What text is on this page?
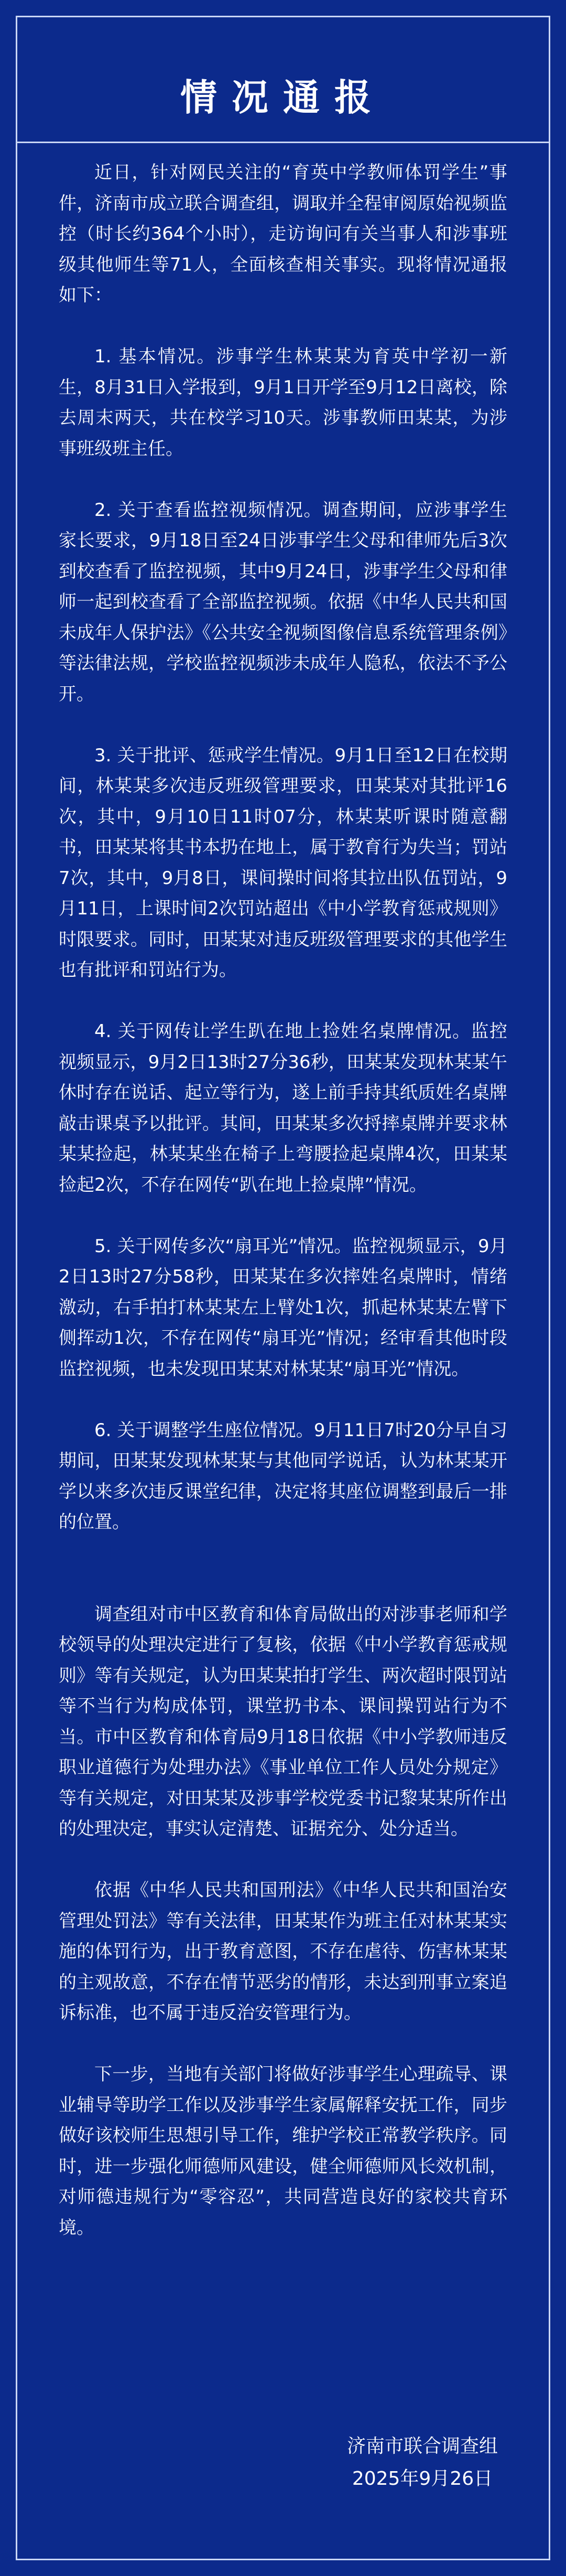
情况通报

近日，针对网民关注的“育英中学教师体罚学生”事件，济南市成立联合调查组，调取并全程审阅原始视频监控（时长约364个小时），走访询问有关当事人和涉事班级其他师生等71人，全面核查相关事实。现将情况通报如下：

1. 基本情况。涉事学生林某某为育英中学初一新生，8月31日入学报到，9月1日开学至9月12日离校，除去周末两天，共在校学习10天。涉事教师田某某，为涉事班级班主任。

2. 关于查看监控视频情况。调查期间，应涉事学生家长要求，9月18日至24日涉事学生父母和律师先后3次到校查看了监控视频，其中9月24日，涉事学生父母和律师一起到校查看了全部监控视频。依据《中华人民共和国未成年人保护法》《公共安全视频图像信息系统管理条例》等法律法规，学校监控视频涉未成年人隐私，依法不予公开。

3. 关于批评、惩戒学生情况。9月1日至12日在校期间，林某某多次违反班级管理要求，田某某对其批评16次，其中，9月10日11时07分，林某某听课时随意翻书，田某某将其书本扔在地上，属于教育行为失当；罚站7次，其中，9月8日，课间操时间将其拉出队伍罚站，9月11日，上课时间2次罚站超出《中小学教育惩戒规则》时限要求。同时，田某某对违反班级管理要求的其他学生也有批评和罚站行为。

4. 关于网传让学生趴在地上捡姓名桌牌情况。监控视频显示，9月2日13时27分36秒，田某某发现林某某午休时存在说话、起立等行为，遂上前手持其纸质姓名桌牌敲击课桌予以批评。其间，田某某多次捋摔桌牌并要求林某某捡起，林某某坐在椅子上弯腰捡起桌牌4次，田某某捡起2次，不存在网传“趴在地上捡桌牌”情况。

5. 关于网传多次“扇耳光”情况。监控视频显示，9月2日13时27分58秒，田某某在多次摔姓名桌牌时，情绪激动，右手拍打林某某左上臂处1次，抓起林某某左臂下侧挥动1次，不存在网传“扇耳光”情况；经审看其他时段监控视频，也未发现田某某对林某某“扇耳光”情况。

6. 关于调整学生座位情况。9月11日7时20分早自习期间，田某某发现林某某与其他同学说话，认为林某某开学以来多次违反课堂纪律，决定将其座位调整到最后一排的位置。

调查组对市中区教育和体育局做出的对涉事老师和学校领导的处理决定进行了复核，依据《中小学教育惩戒规则》等有关规定，认为田某某拍打学生、两次超时限罚站等不当行为构成体罚，课堂扔书本、课间操罚站行为不当。市中区教育和体育局9月18日依据《中小学教师违反职业道德行为处理办法》《事业单位工作人员处分规定》等有关规定，对田某某及涉事学校党委书记黎某某所作出的处理决定，事实认定清楚、证据充分、处分适当。

依据《中华人民共和国刑法》《中华人民共和国治安管理处罚法》等有关法律，田某某作为班主任对林某某实施的体罚行为，出于教育意图，不存在虐待、伤害林某某的主观故意，不存在情节恶劣的情形，未达到刑事立案追诉标准，也不属于违反治安管理行为。

下一步，当地有关部门将做好涉事学生心理疏导、课业辅导等助学工作以及涉事学生家属解释安抚工作，同步做好该校师生思想引导工作，维护学校正常教学秩序。同时，进一步强化师德师风建设，健全师德师风长效机制，对师德违规行为“零容忍”，共同营造良好的家校共育环境。

济南市联合调查组
2025年9月26日
